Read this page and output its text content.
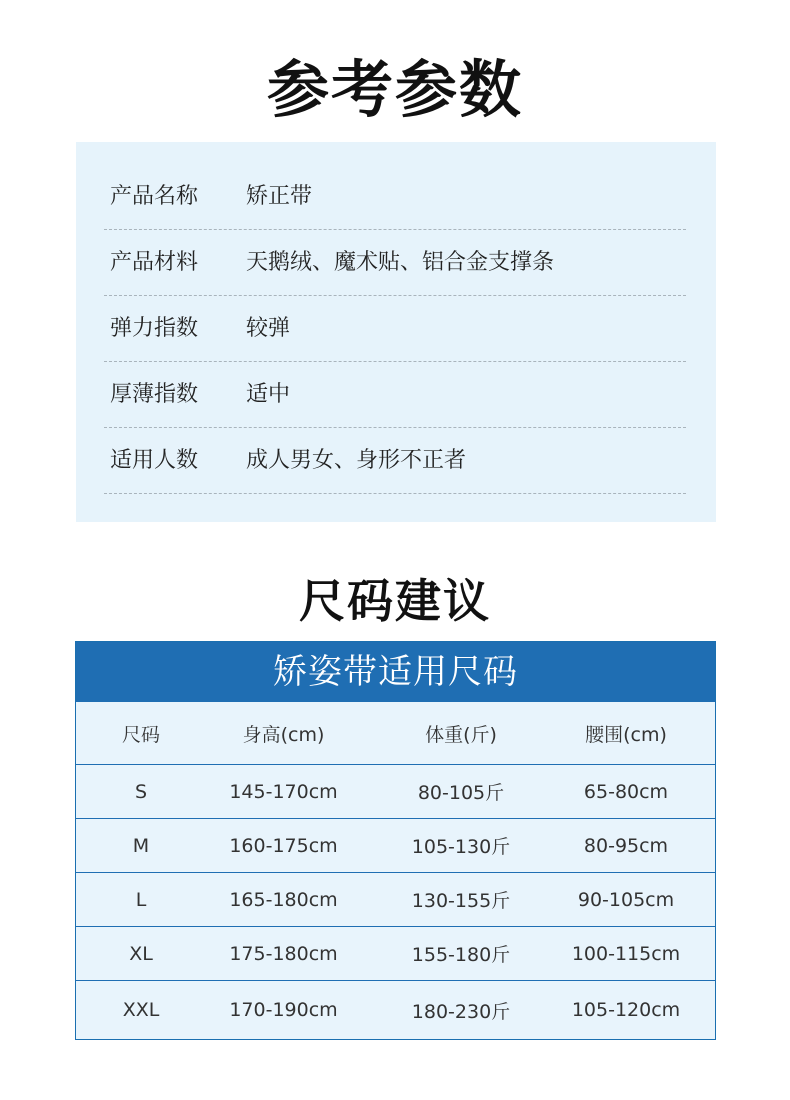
参考参数
产品名称 矫正带
产品材料 天鹅绒、魔术贴、铝合金支撑条
弹力指数 较弹
厚薄指数 适中
适用人数 成人男女、身形不正者
尺码建议
矫姿带适用尺码
尺码	身高(cm)	体重(斤)	腰围(cm)
S	145-170cm	80-105斤	65-80cm
M	160-175cm	105-130斤	80-95cm
L	165-180cm	130-155斤	90-105cm
XL	175-180cm	155-180斤	100-115cm
XXL	170-190cm	180-230斤	105-120cm
